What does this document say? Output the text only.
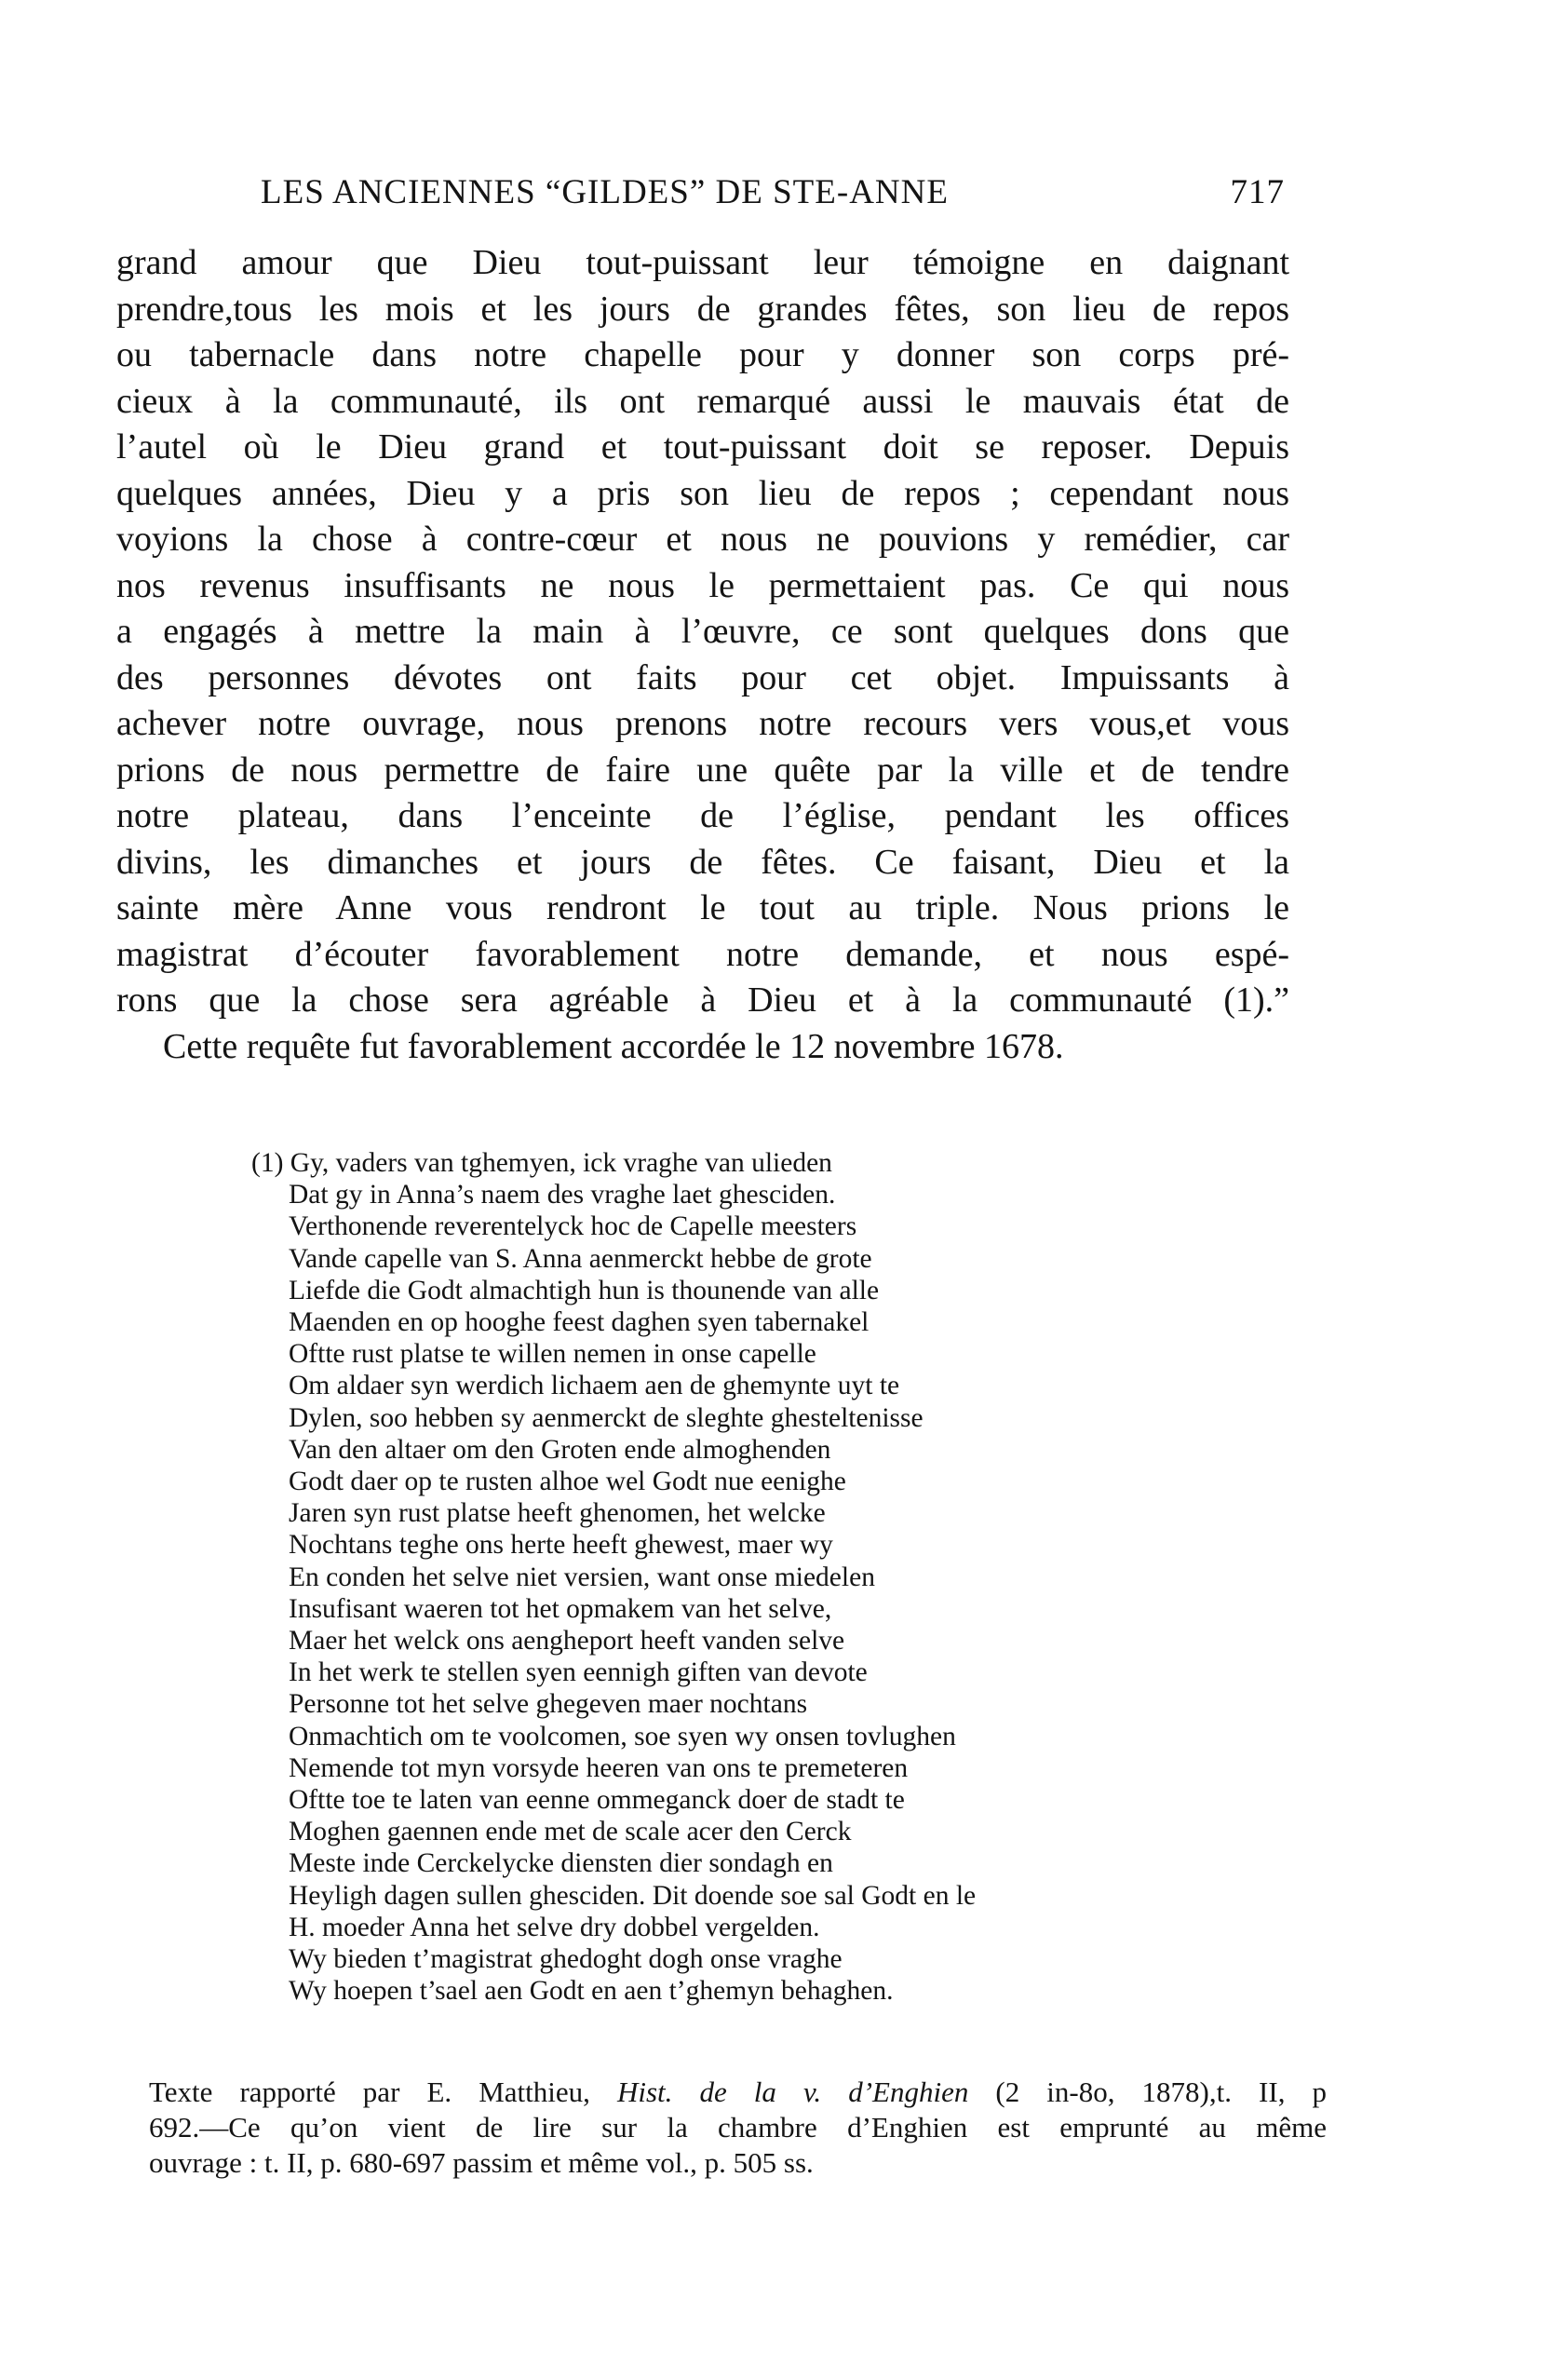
LES ANCIENNES “GILDES” DE STE-ANNE	717
grand amour que Dieu tout-puissant leur témoigne en daignant
prendre,tous les mois et les jours de grandes fêtes, son lieu de repos
ou tabernacle dans notre chapelle pour y donner son corps pré-
cieux à la communauté, ils ont remarqué aussi le mauvais état de
l’autel où le Dieu grand et tout-puissant doit se reposer. Depuis
quelques années, Dieu y a pris son lieu de repos ; cependant nous
voyions la chose à contre-cœur et nous ne pouvions y remédier, car
nos revenus insuffisants ne nous le permettaient pas. Ce qui nous
a engagés à mettre la main à l’œuvre, ce sont quelques dons que
des personnes dévotes ont faits pour cet objet. Impuissants à
achever notre ouvrage, nous prenons notre recours vers vous,et vous
prions de nous permettre de faire une quête par la ville et de tendre
notre plateau, dans l’enceinte de l’église, pendant les offices
divins, les dimanches et jours de fêtes. Ce faisant, Dieu et la
sainte mère Anne vous rendront le tout au triple. Nous prions le
magistrat d’écouter favorablement notre demande, et nous espé-
rons que la chose sera agréable à Dieu et à la communauté (1).”
Cette requête fut favorablement accordée le 12 novembre 1678.
(1) Gy, vaders van tghemyen, ick vraghe van ulieden
Dat gy in Anna’s naem des vraghe laet ghesciden.
Verthonende reverentelyck hoc de Capelle meesters
Vande capelle van S. Anna aenmerckt hebbe de grote
Liefde die Godt almachtigh hun is thounende van alle
Maenden en op hooghe feest daghen syen tabernakel
Oftte rust platse te willen nemen in onse capelle
Om aldaer syn werdich lichaem aen de ghemynte uyt te
Dylen, soo hebben sy aenmerckt de sleghte ghesteltenisse
Van den altaer om den Groten ende almoghenden
Godt daer op te rusten alhoe wel Godt nue eenighe
Jaren syn rust platse heeft ghenomen, het welcke
Nochtans teghe ons herte heeft ghewest, maer wy
En conden het selve niet versien, want onse miedelen
Insufisant waeren tot het opmakem van het selve,
Maer het welck ons aengheport heeft vanden selve
In het werk te stellen syen eennigh giften van devote
Personne tot het selve ghegeven maer nochtans
Onmachtich om te voolcomen, soe syen wy onsen tovlughen
Nemende tot myn vorsyde heeren van ons te premeteren
Oftte toe te laten van eenne ommeganck doer de stadt te
Moghen gaennen ende met de scale acer den Cerck
Meste inde Cerckelycke diensten dier sondagh en
Heyligh dagen sullen ghesciden. Dit doende soe sal Godt en le
H. moeder Anna het selve dry dobbel vergelden.
Wy bieden t’magistrat ghedoght dogh onse vraghe
Wy hoepen t’sael aen Godt en aen t’ghemyn behaghen.
Texte rapporté par E. Matthieu, Hist. de la v. d’Enghien (2 in-8o, 1878),t. II, p
692.—Ce qu’on vient de lire sur la chambre d’Enghien est emprunté au même
ouvrage : t. II, p. 680-697 passim et même vol., p. 505 ss.
